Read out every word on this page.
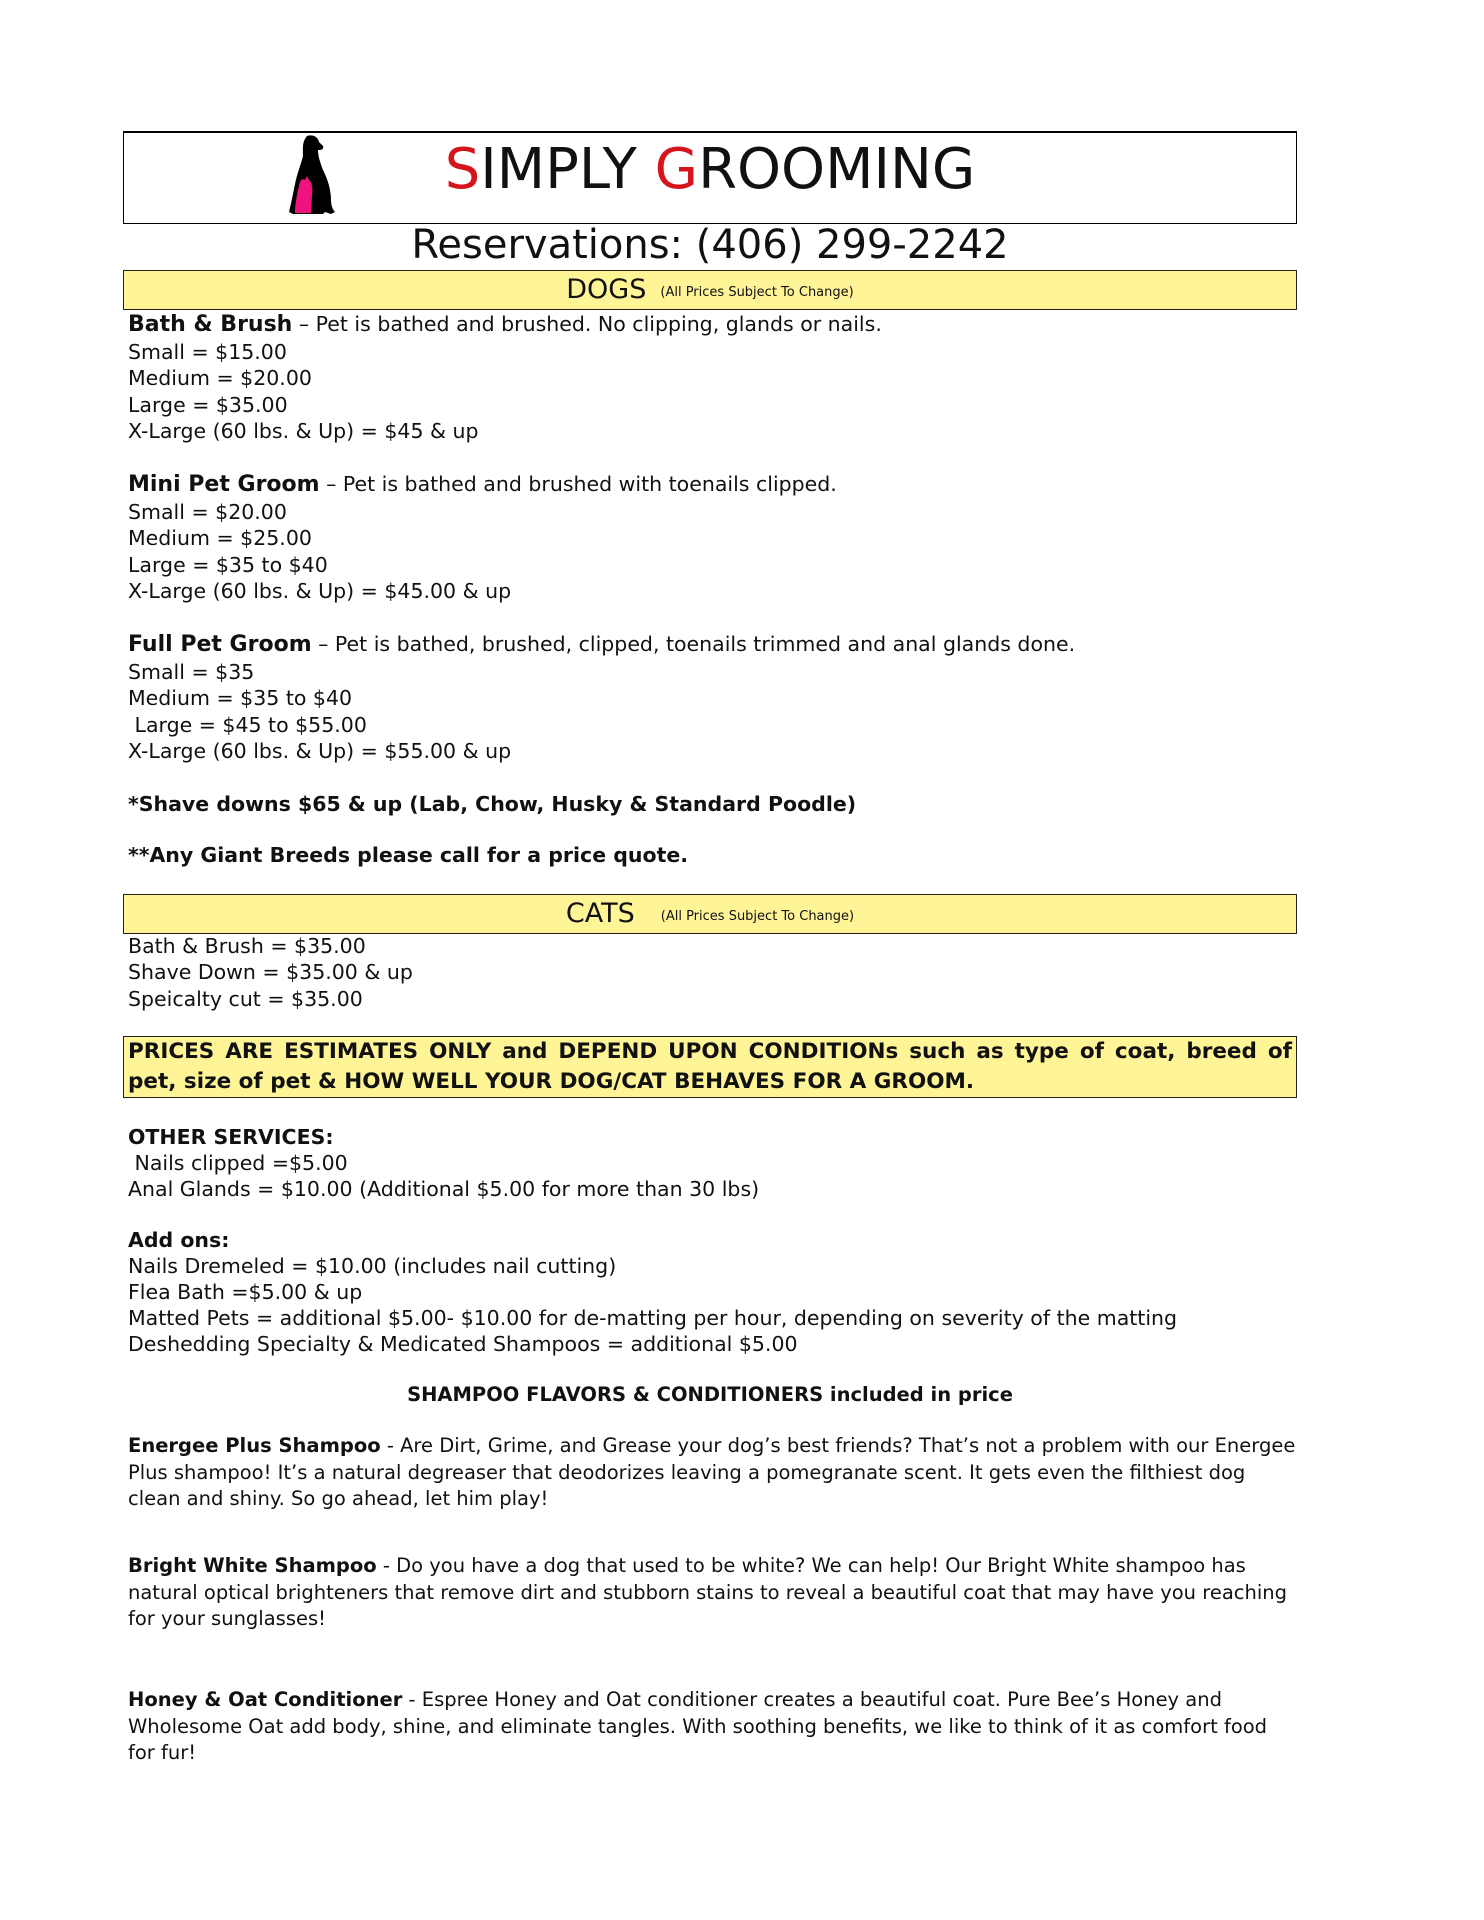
SIMPLY GROOMING
Reservations: (406) 299-2242
DOGS (All Prices Subject To Change)
Bath & Brush – Pet is bathed and brushed. No clipping, glands or nails.
Small = $15.00
Medium = $20.00
Large = $35.00
X-Large (60 lbs. & Up) = $45 & up
Mini Pet Groom – Pet is bathed and brushed with toenails clipped.
Small = $20.00
Medium = $25.00
Large = $35 to $40
X-Large (60 lbs. & Up) = $45.00 & up
Full Pet Groom – Pet is bathed, brushed, clipped, toenails trimmed and anal glands done.
Small = $35
Medium = $35 to $40
Large = $45 to $55.00
X-Large (60 lbs. & Up) = $55.00 & up
*Shave downs $65 & up (Lab, Chow, Husky & Standard Poodle)
**Any Giant Breeds please call for a price quote.
CATS (All Prices Subject To Change)
Bath & Brush = $35.00
Shave Down = $35.00 & up
Speicalty cut = $35.00
PRICES ARE ESTIMATES ONLY and DEPEND UPON CONDITIONs such as type of coat, breed of pet, size of pet & HOW WELL YOUR DOG/CAT BEHAVES FOR A GROOM.
OTHER SERVICES:
Nails clipped =$5.00
Anal Glands = $10.00 (Additional $5.00 for more than 30 lbs)
Add ons:
Nails Dremeled = $10.00 (includes nail cutting)
Flea Bath =$5.00 & up
Matted Pets = additional $5.00- $10.00 for de-matting per hour, depending on severity of the matting
Deshedding Specialty & Medicated Shampoos = additional $5.00
SHAMPOO FLAVORS & CONDITIONERS included in price
Energee Plus Shampoo - Are Dirt, Grime, and Grease your dog’s best friends? That’s not a problem with our Energee Plus shampoo! It’s a natural degreaser that deodorizes leaving a pomegranate scent. It gets even the filthiest dog clean and shiny. So go ahead, let him play!
Bright White Shampoo - Do you have a dog that used to be white? We can help! Our Bright White shampoo has natural optical brighteners that remove dirt and stubborn stains to reveal a beautiful coat that may have you reaching for your sunglasses!
Honey & Oat Conditioner - Espree Honey and Oat conditioner creates a beautiful coat. Pure Bee’s Honey and Wholesome Oat add body, shine, and eliminate tangles. With soothing benefits, we like to think of it as comfort food for fur!
